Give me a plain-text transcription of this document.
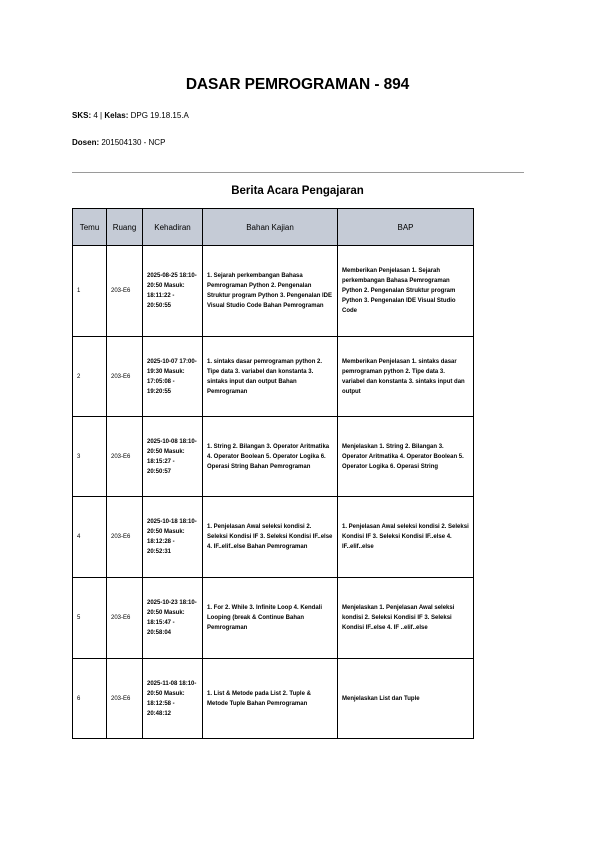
DASAR PEMROGRAMAN - 894
SKS: 4 | Kelas: DPG 19.18.15.A
Dosen: 201504130 - NCP
Berita Acara Pengajaran
Temu	Ruang	Kehadiran	Bahan Kajian	BAP
1	203-E6	2025-08-25 18:10-20:50 Masuk: 18:11:22 - 20:50:55	1. Sejarah perkembangan Bahasa Pemrograman Python 2. Pengenalan Struktur program Python 3. Pengenalan IDE Visual Studio Code Bahan Pemrograman	Memberikan Penjelasan 1. Sejarah perkembangan Bahasa Pemrograman Python 2. Pengenalan Struktur program Python 3. Pengenalan IDE Visual Studio Code
2	203-E6	2025-10-07 17:00-19:30 Masuk: 17:05:08 - 19:20:55	1. sintaks dasar pemrograman python 2. Tipe data 3. variabel dan konstanta 3. sintaks input dan output Bahan Pemrograman	Memberikan Penjelasan 1. sintaks dasar pemrograman python 2. Tipe data 3. variabel dan konstanta 3. sintaks input dan output
3	203-E6	2025-10-08 18:10-20:50 Masuk: 18:15:27 - 20:50:57	1. String 2. Bilangan 3. Operator Aritmatika 4. Operator Boolean 5. Operator Logika 6. Operasi String Bahan Pemrograman	Menjelaskan 1. String 2. Bilangan 3. Operator Aritmatika 4. Operator Boolean 5. Operator Logika 6. Operasi String
4	203-E6	2025-10-18 18:10-20:50 Masuk: 18:12:28 - 20:52:31	1. Penjelasan Awal seleksi kondisi 2. Seleksi Kondisi IF 3. Seleksi Kondisi IF..else 4. IF..elif..else Bahan Pemrograman	1. Penjelasan Awal seleksi kondisi 2. Seleksi Kondisi IF 3. Seleksi Kondisi IF..else 4. IF..elif..else
5	203-E6	2025-10-23 18:10-20:50 Masuk: 18:15:47 - 20:58:04	1. For 2. While 3. Infinite Loop 4. Kendali Looping (break & Continue Bahan Pemrograman	Menjelaskan 1. Penjelasan Awal seleksi kondisi 2. Seleksi Kondisi IF 3. Seleksi Kondisi IF..else 4. IF ..elif..else
6	203-E6	2025-11-08 18:10-20:50 Masuk: 18:12:58 - 20:48:12	1. List & Metode pada List 2. Tuple & Metode Tuple Bahan Pemrograman	Menjelaskan List dan Tuple
